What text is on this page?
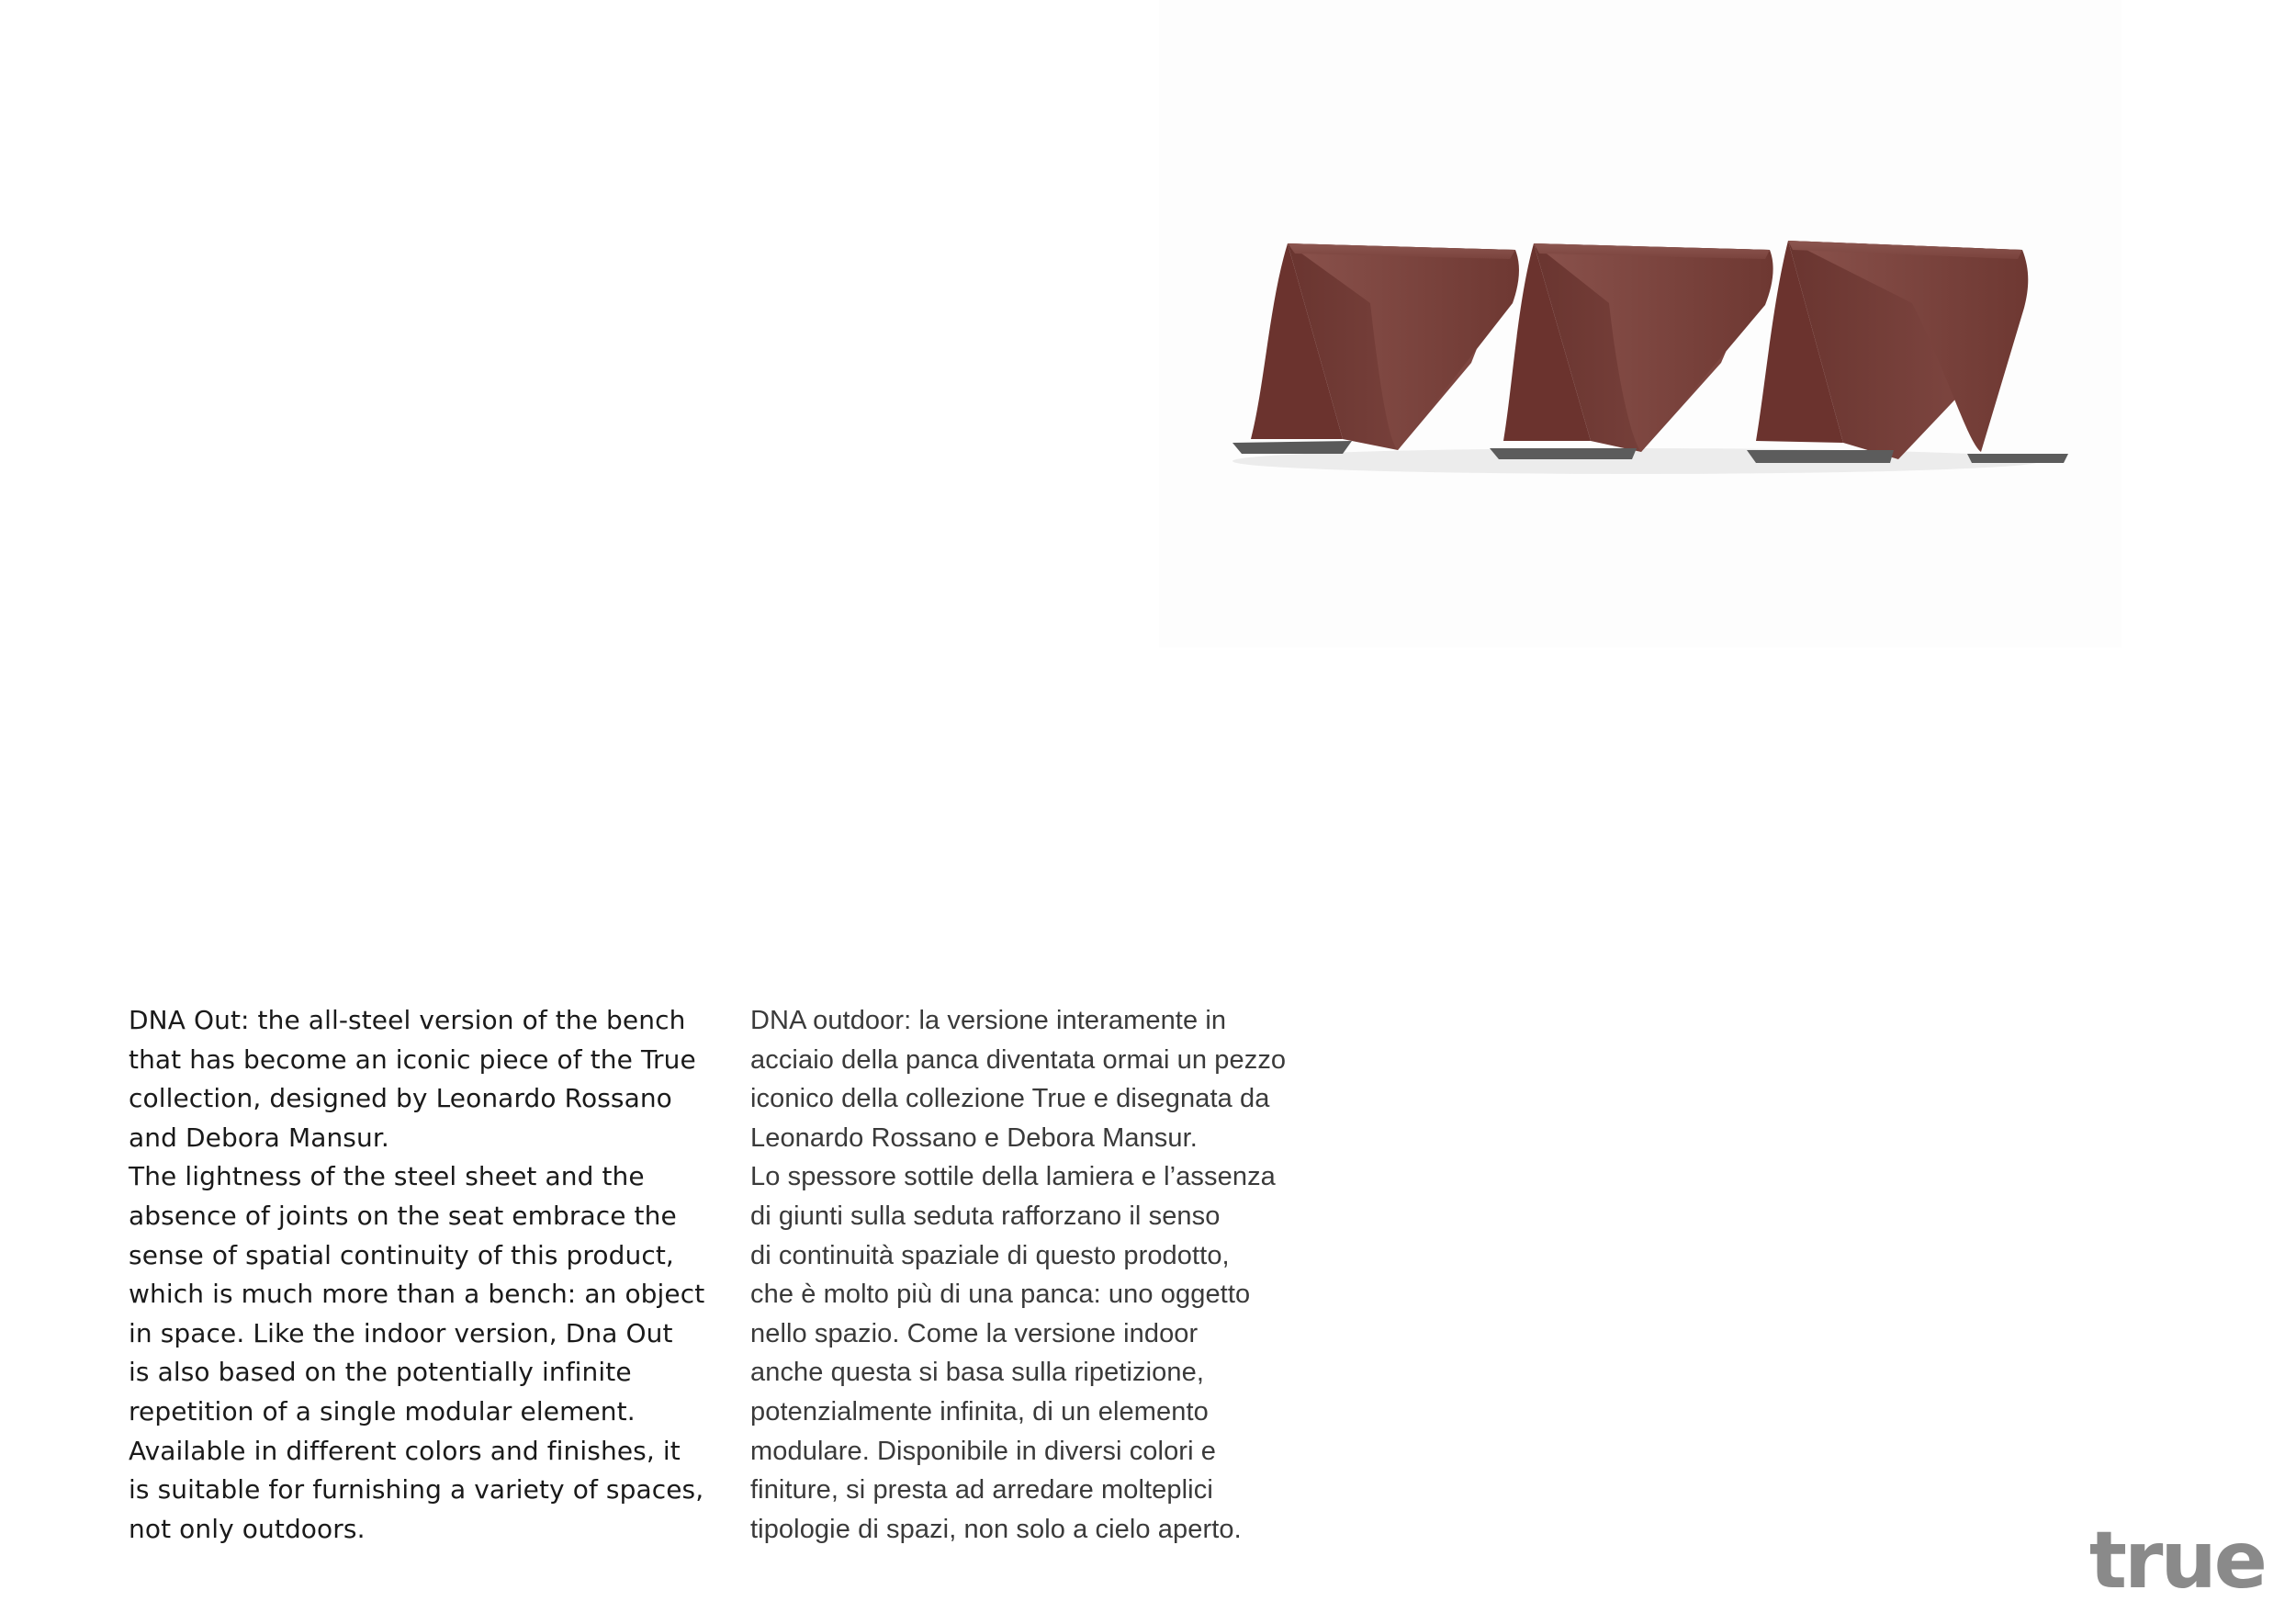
DNA Out: the all-steel version of the bench
that has become an iconic piece of the True
collection, designed by Leonardo Rossano
and Debora Mansur.
The lightness of the steel sheet and the
absence of joints on the seat embrace the
sense of spatial continuity of this product,
which is much more than a bench: an object
in space. Like the indoor version, Dna Out
is also based on the potentially infinite
repetition of a single modular element.
Available in different colors and finishes, it
is suitable for furnishing a variety of spaces,
not only outdoors.
DNA outdoor: la versione interamente in
acciaio della panca diventata ormai un pezzo
iconico della collezione True e disegnata da
Leonardo Rossano e Debora Mansur.
Lo spessore sottile della lamiera e l’assenza
di giunti sulla seduta rafforzano il senso
di continuità spaziale di questo prodotto,
che è molto più di una panca: uno oggetto
nello spazio. Come la versione indoor
anche questa si basa sulla ripetizione,
potenzialmente infinita, di un elemento
modulare. Disponibile in diversi colori e
finiture, si presta ad arredare molteplici
tipologie di spazi, non solo a cielo aperto.	true
